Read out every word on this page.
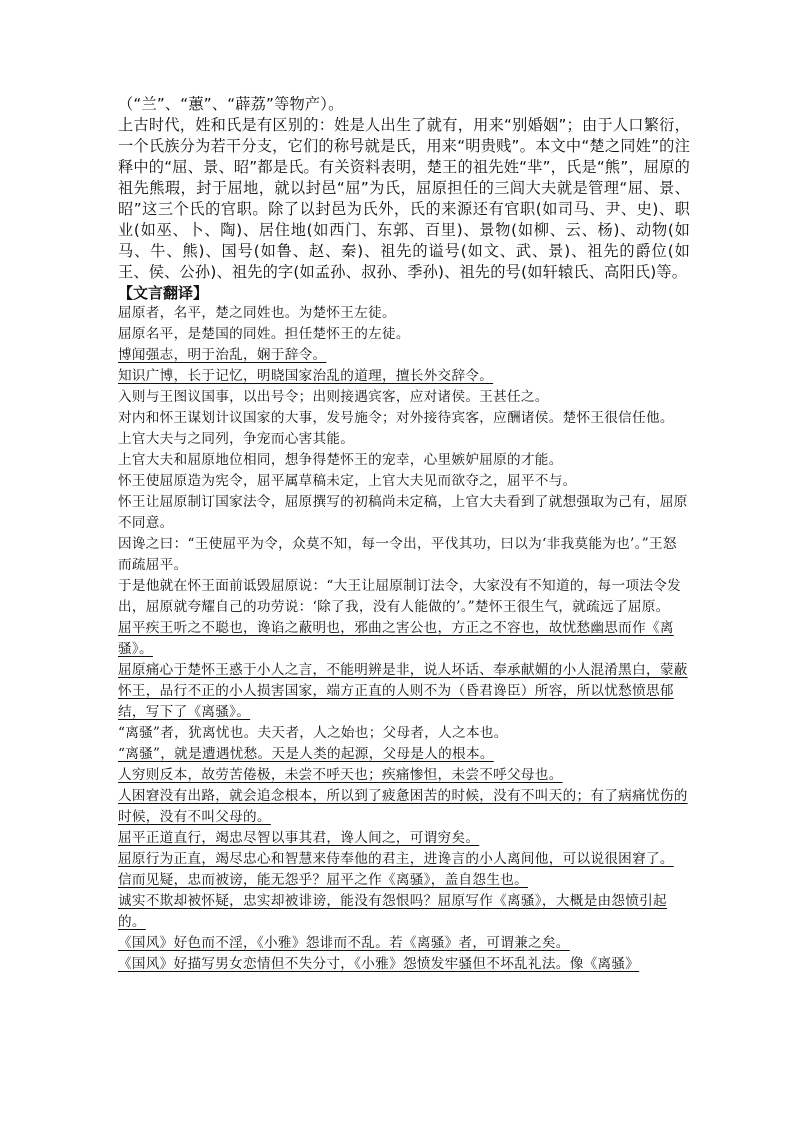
（“兰”、“蕙”、“薜荔”等物产）。

上古时代，姓和氏是有区别的：姓是人出生了就有，用来“别婚姻”；由于人口繁衍，一个氏族分为若干分支，它们的称号就是氏，用来“明贵贱”。本文中“楚之同姓”的注释中的“屈、景、昭”都是氏。有关资料表明，楚王的祖先姓“芈”，氏是“熊”，屈原的祖先熊瑕，封于屈地，就以封邑“屈”为氏，屈原担任的三闾大夫就是管理“屈、景、昭”这三个氏的官职。除了以封邑为氏外，氏的来源还有官职(如司马、尹、史)、职业(如巫、卜、陶)、居住地(如西门、东郭、百里)、景物(如柳、云、杨)、动物(如马、牛、熊)、国号(如鲁、赵、秦)、祖先的谥号(如文、武、景)、祖先的爵位(如王、侯、公孙)、祖先的字(如孟孙、叔孙、季孙)、祖先的号(如轩辕氏、高阳氏)等。

【文言翻译】

屈原者，名平，楚之同姓也。为楚怀王左徒。

屈原名平，是楚国的同姓。担任楚怀王的左徒。

博闻强志，明于治乱，娴于辞令。

知识广博，长于记忆，明晓国家治乱的道理，擅长外交辞令。

入则与王图议国事，以出号令；出则接遇宾客，应对诸侯。王甚任之。

对内和怀王谋划计议国家的大事，发号施令；对外接待宾客，应酬诸侯。楚怀王很信任他。

上官大夫与之同列，争宠而心害其能。

上官大夫和屈原地位相同，想争得楚怀王的宠幸，心里嫉妒屈原的才能。

怀王使屈原造为宪令，屈平属草稿未定，上官大夫见而欲夺之，屈平不与。

怀王让屈原制订国家法令，屈原撰写的初稿尚未定稿，上官大夫看到了就想强取为己有，屈原不同意。

因谗之曰：“王使屈平为令，众莫不知，每一令出，平伐其功，曰以为‘非我莫能为也’。”王怒而疏屈平。

于是他就在怀王面前诋毁屈原说：“大王让屈原制订法令，大家没有不知道的，每一项法令发出，屈原就夸耀自己的功劳说：‘除了我，没有人能做的’。”楚怀王很生气，就疏远了屈原。

屈平疾王听之不聪也，谗谄之蔽明也，邪曲之害公也，方正之不容也，故忧愁幽思而作《离骚》。

屈原痛心于楚怀王惑于小人之言，不能明辨是非，说人坏话、奉承献媚的小人混淆黑白，蒙蔽怀王，品行不正的小人损害国家，端方正直的人则不为（昏君谗臣）所容，所以忧愁愤思郁结，写下了《离骚》。

“离骚”者，犹离忧也。夫天者，人之始也；父母者，人之本也。

“离骚”，就是遭遇忧愁。天是人类的起源，父母是人的根本。

人穷则反本，故劳苦倦极，未尝不呼天也；疾痛惨怛，未尝不呼父母也。

人困窘没有出路，就会追念根本，所以到了疲惫困苦的时候，没有不叫天的；有了病痛忧伤的时候，没有不叫父母的。

屈平正道直行，竭忠尽智以事其君，谗人间之，可谓穷矣。

屈原行为正直，竭尽忠心和智慧来侍奉他的君主，进谗言的小人离间他，可以说很困窘了。

信而见疑，忠而被谤，能无怨乎？屈平之作《离骚》，盖自怨生也。

诚实不欺却被怀疑，忠实却被诽谤，能没有怨恨吗？屈原写作《离骚》，大概是由怨愤引起的。

《国风》好色而不淫，《小雅》怨诽而不乱。若《离骚》者，可谓兼之矣。

《国风》好描写男女恋情但不失分寸，《小雅》怨愤发牢骚但不坏乱礼法。像《离骚》
